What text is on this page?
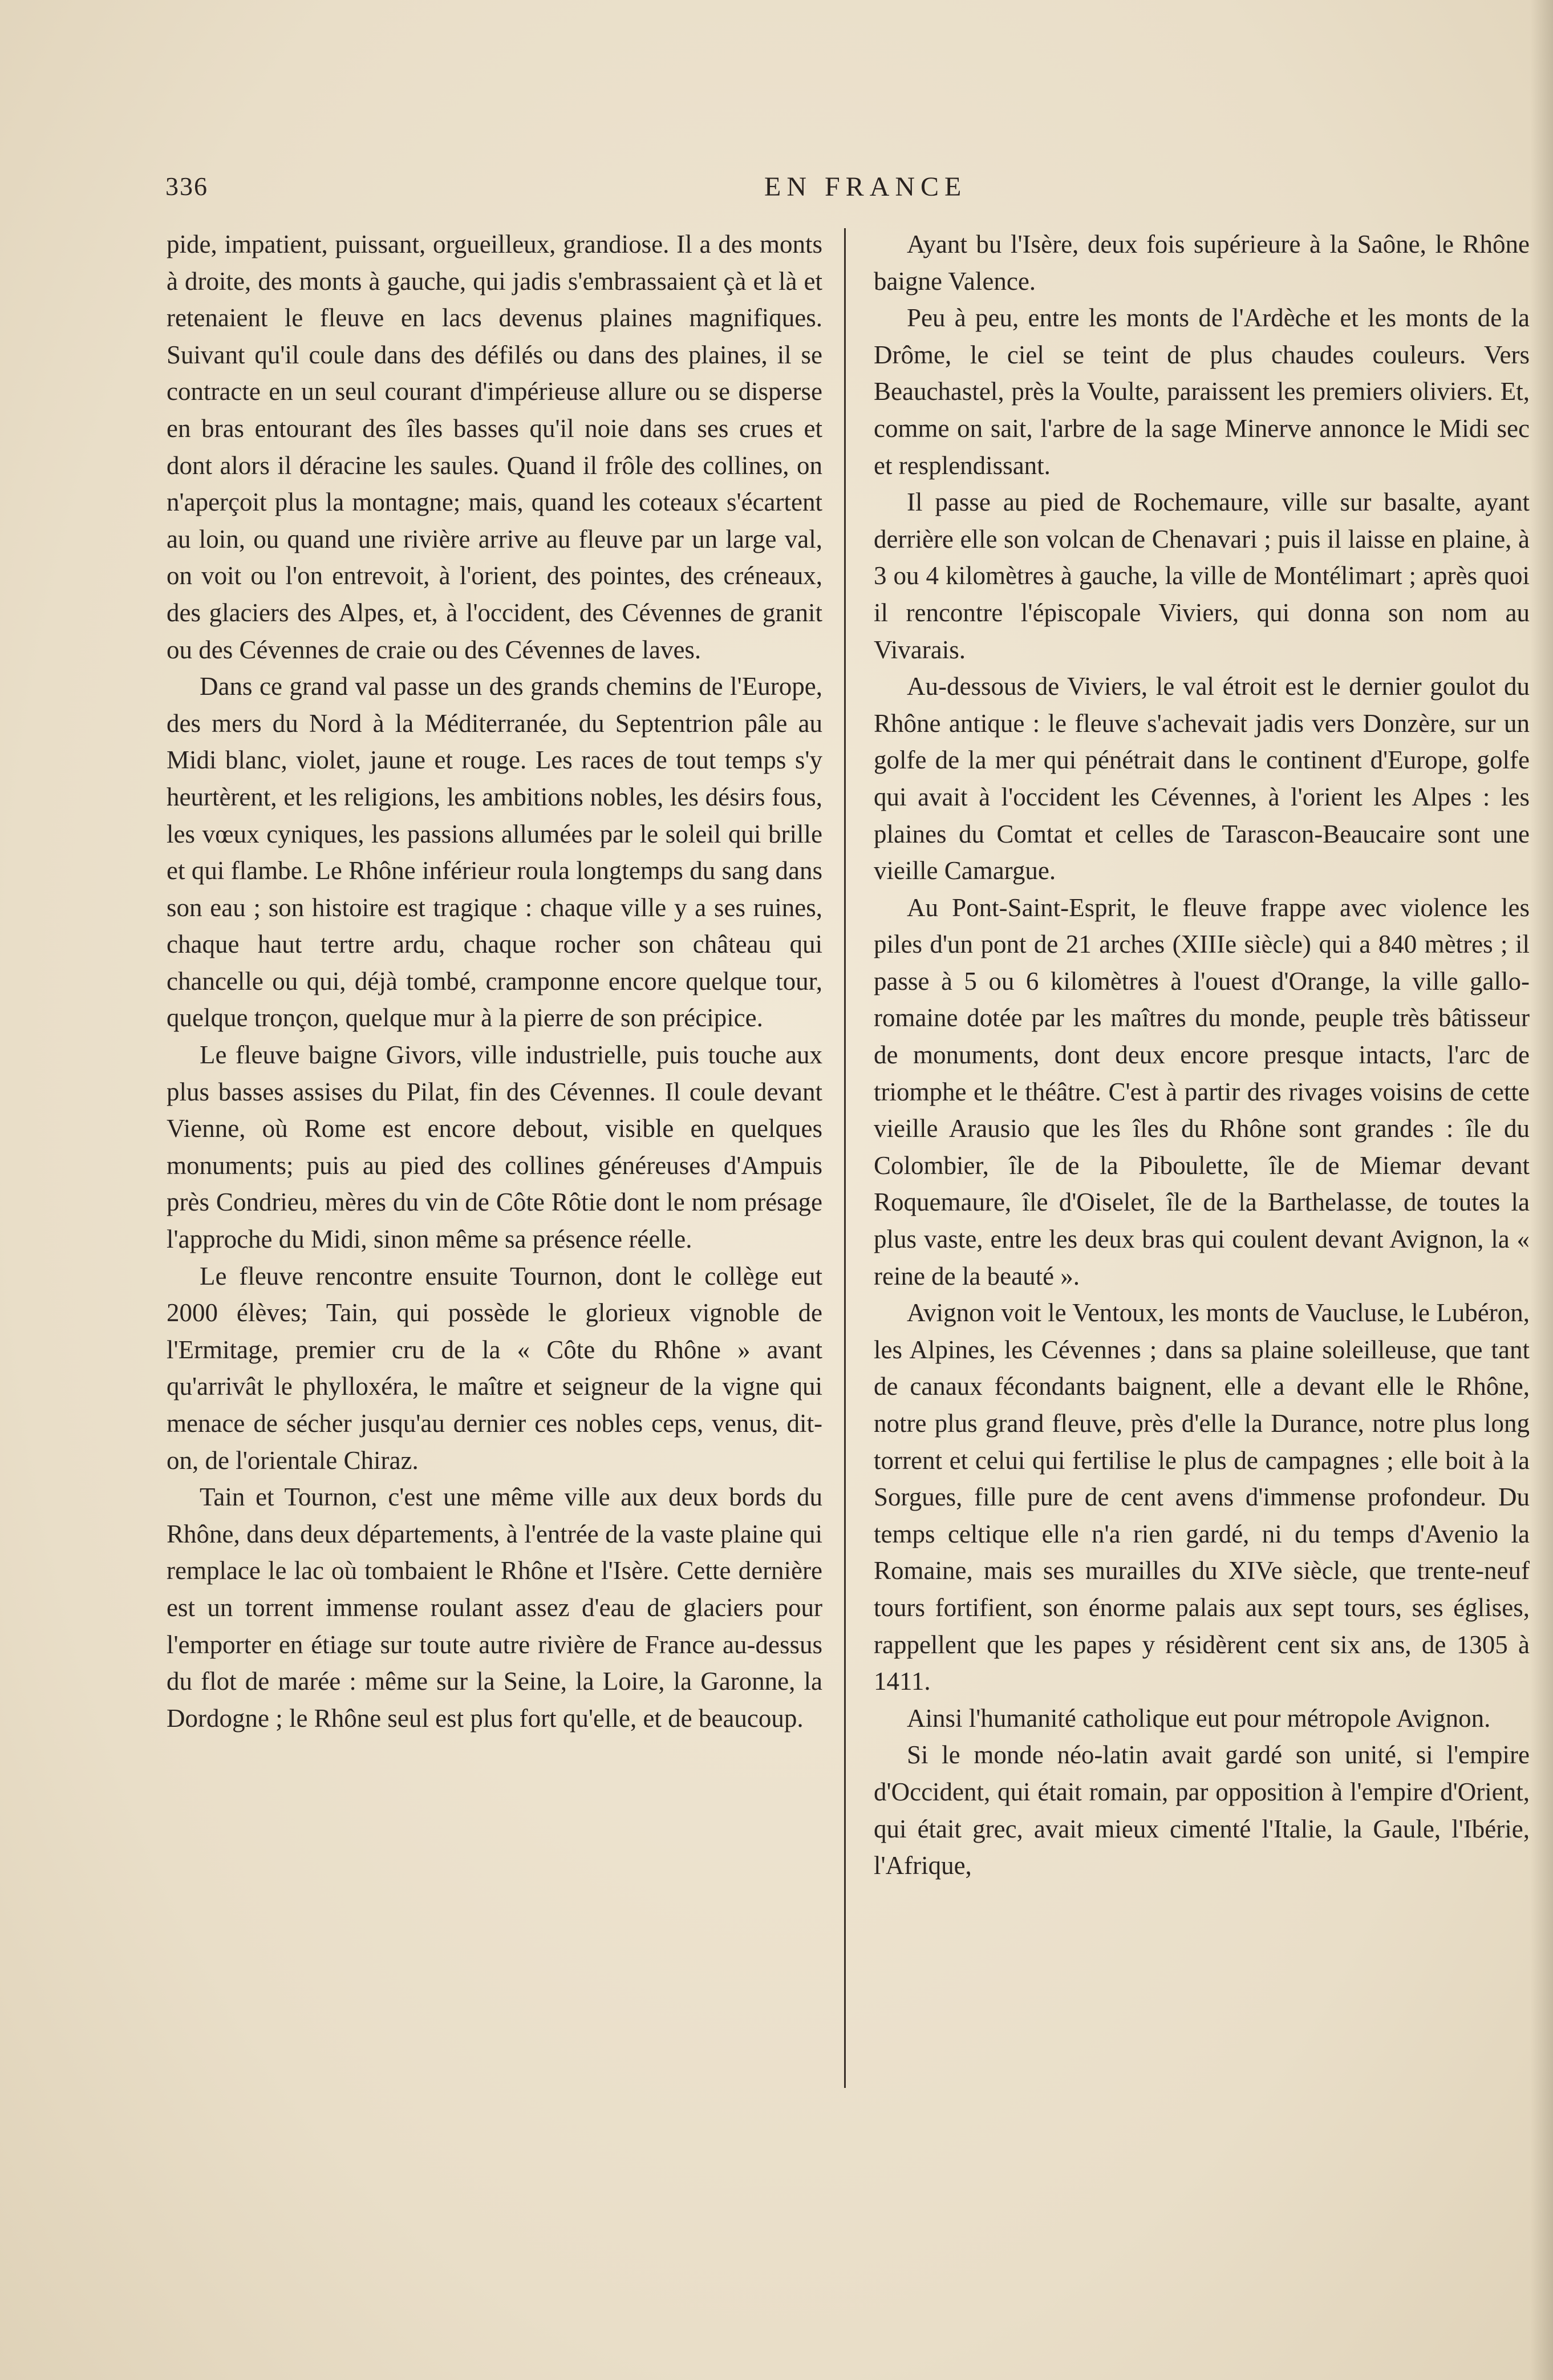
336	EN FRANCE

pide, impatient, puissant, orgueilleux, grandiose. Il a des monts à droite, des monts à gauche, qui jadis s'embrassaient çà et là et retenaient le fleuve en lacs devenus plaines magnifiques. Suivant qu'il coule dans des défilés ou dans des plaines, il se contracte en un seul courant d'impérieuse allure ou se disperse en bras entourant des îles basses qu'il noie dans ses crues et dont alors il déracine les saules. Quand il frôle des collines, on n'aperçoit plus la montagne; mais, quand les coteaux s'écartent au loin, ou quand une rivière arrive au fleuve par un large val, on voit ou l'on entrevoit, à l'orient, des pointes, des créneaux, des glaciers des Alpes, et, à l'occident, des Cévennes de granit ou des Cévennes de craie ou des Cévennes de laves.

Dans ce grand val passe un des grands chemins de l'Europe, des mers du Nord à la Méditerranée, du Septentrion pâle au Midi blanc, violet, jaune et rouge. Les races de tout temps s'y heurtèrent, et les religions, les ambitions nobles, les désirs fous, les vœux cyniques, les passions allumées par le soleil qui brille et qui flambe. Le Rhône inférieur roula longtemps du sang dans son eau ; son histoire est tragique : chaque ville y a ses ruines, chaque haut tertre ardu, chaque rocher son château qui chancelle ou qui, déjà tombé, cramponne encore quelque tour, quelque tronçon, quelque mur à la pierre de son précipice.

Le fleuve baigne Givors, ville industrielle, puis touche aux plus basses assises du Pilat, fin des Cévennes. Il coule devant Vienne, où Rome est encore debout, visible en quelques monuments; puis au pied des collines généreuses d'Ampuis près Condrieu, mères du vin de Côte Rôtie dont le nom présage l'approche du Midi, sinon même sa présence réelle.

Le fleuve rencontre ensuite Tournon, dont le collège eut 2000 élèves; Tain, qui possède le glorieux vignoble de l'Ermitage, premier cru de la « Côte du Rhône » avant qu'arrivât le phylloxéra, le maître et seigneur de la vigne qui menace de sécher jusqu'au dernier ces nobles ceps, venus, dit-on, de l'orientale Chiraz.

Tain et Tournon, c'est une même ville aux deux bords du Rhône, dans deux départements, à l'entrée de la vaste plaine qui remplace le lac où tombaient le Rhône et l'Isère. Cette dernière est un torrent immense roulant assez d'eau de glaciers pour l'emporter en étiage sur toute autre rivière de France au-dessus du flot de marée : même sur la Seine, la Loire, la Garonne, la Dordogne ; le Rhône seul est plus fort qu'elle, et de beaucoup.

Ayant bu l'Isère, deux fois supérieure à la Saône, le Rhône baigne Valence.

Peu à peu, entre les monts de l'Ardèche et les monts de la Drôme, le ciel se teint de plus chaudes couleurs. Vers Beauchastel, près la Voulte, paraissent les premiers oliviers. Et, comme on sait, l'arbre de la sage Minerve annonce le Midi sec et resplendissant.

Il passe au pied de Rochemaure, ville sur basalte, ayant derrière elle son volcan de Chenavari ; puis il laisse en plaine, à 3 ou 4 kilomètres à gauche, la ville de Montélimart ; après quoi il rencontre l'épiscopale Viviers, qui donna son nom au Vivarais.

Au-dessous de Viviers, le val étroit est le dernier goulot du Rhône antique : le fleuve s'achevait jadis vers Donzère, sur un golfe de la mer qui pénétrait dans le continent d'Europe, golfe qui avait à l'occident les Cévennes, à l'orient les Alpes : les plaines du Comtat et celles de Tarascon-Beaucaire sont une vieille Camargue.

Au Pont-Saint-Esprit, le fleuve frappe avec violence les piles d'un pont de 21 arches (XIIIe siècle) qui a 840 mètres ; il passe à 5 ou 6 kilomètres à l'ouest d'Orange, la ville gallo-romaine dotée par les maîtres du monde, peuple très bâtisseur de monuments, dont deux encore presque intacts, l'arc de triomphe et le théâtre. C'est à partir des rivages voisins de cette vieille Arausio que les îles du Rhône sont grandes : île du Colombier, île de la Piboulette, île de Miemar devant Roquemaure, île d'Oiselet, île de la Barthelasse, de toutes la plus vaste, entre les deux bras qui coulent devant Avignon, la « reine de la beauté ».

Avignon voit le Ventoux, les monts de Vaucluse, le Lubéron, les Alpines, les Cévennes ; dans sa plaine soleilleuse, que tant de canaux fécondants baignent, elle a devant elle le Rhône, notre plus grand fleuve, près d'elle la Durance, notre plus long torrent et celui qui fertilise le plus de campagnes ; elle boit à la Sorgues, fille pure de cent avens d'immense profondeur. Du temps celtique elle n'a rien gardé, ni du temps d'Avenio la Romaine, mais ses murailles du XIVe siècle, que trente-neuf tours fortifient, son énorme palais aux sept tours, ses églises, rappellent que les papes y résidèrent cent six ans, de 1305 à 1411.

Ainsi l'humanité catholique eut pour métropole Avignon.

Si le monde néo-latin avait gardé son unité, si l'empire d'Occident, qui était romain, par opposition à l'empire d'Orient, qui était grec, avait mieux cimenté l'Italie, la Gaule, l'Ibérie, l'Afrique,
